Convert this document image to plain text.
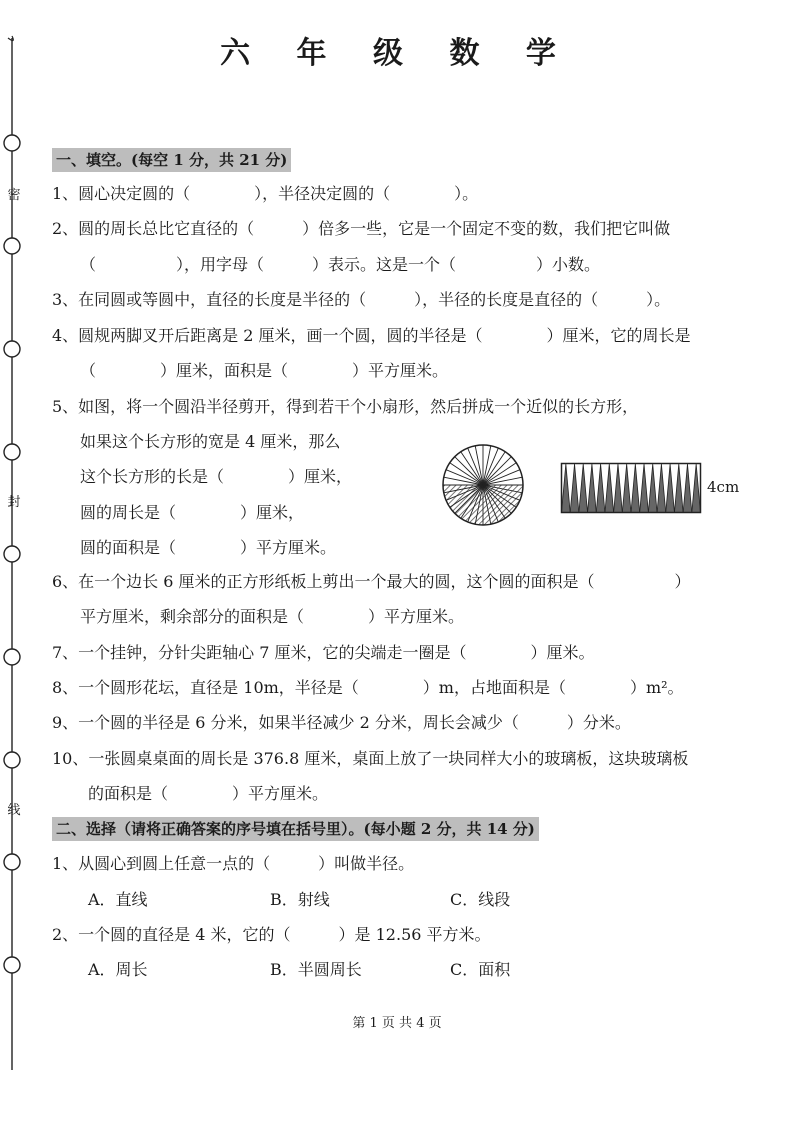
密
封
线
六 年 级 数 学
一、填空。(每空 1 分，共 21 分)
1、圆心决定圆的（　　　　），半径决定圆的（　　　　）。
2、圆的周长总比它直径的（　　　）倍多一些，它是一个固定不变的数，我们把它叫做
（　　　　　），用字母（　　　）表示。这是一个（　　　　　）小数。
3、在同圆或等圆中，直径的长度是半径的（　　　），半径的长度是直径的（　　　）。
4、圆规两脚叉开后距离是 2 厘米，画一个圆，圆的半径是（　　　　）厘米，它的周长是
（　　　　）厘米，面积是（　　　　）平方厘米。
5、如图，将一个圆沿半径剪开，得到若干个小扇形，然后拼成一个近似的长方形，
如果这个长方形的宽是 4 厘米，那么
这个长方形的长是（　　　　）厘米，
圆的周长是（　　　　）厘米，
圆的面积是（　　　　）平方厘米。
4cm
6、在一个边长 6 厘米的正方形纸板上剪出一个最大的圆，这个圆的面积是（　　　　　）
平方厘米，剩余部分的面积是（　　　　）平方厘米。
7、一个挂钟，分针尖距轴心 7 厘米，它的尖端走一圈是（　　　　）厘米。
8、一个圆形花坛，直径是 10m，半径是（　　　　）m，占地面积是（　　　　）m²。
9、一个圆的半径是 6 分米，如果半径减少 2 分米，周长会减少（　　　）分米。
10、一张圆桌桌面的周长是 376.8 厘米，桌面上放了一块同样大小的玻璃板，这块玻璃板
的面积是（　　　　）平方厘米。
二、选择（请将正确答案的序号填在括号里）。(每小题 2 分，共 14 分)
1、从圆心到圆上任意一点的（　　　）叫做半径。
A．直线	B．射线	C．线段
2、一个圆的直径是 4 米，它的（　　　）是 12.56 平方米。
A．周长	B．半圆周长	C．面积
第 1 页 共 4 页
